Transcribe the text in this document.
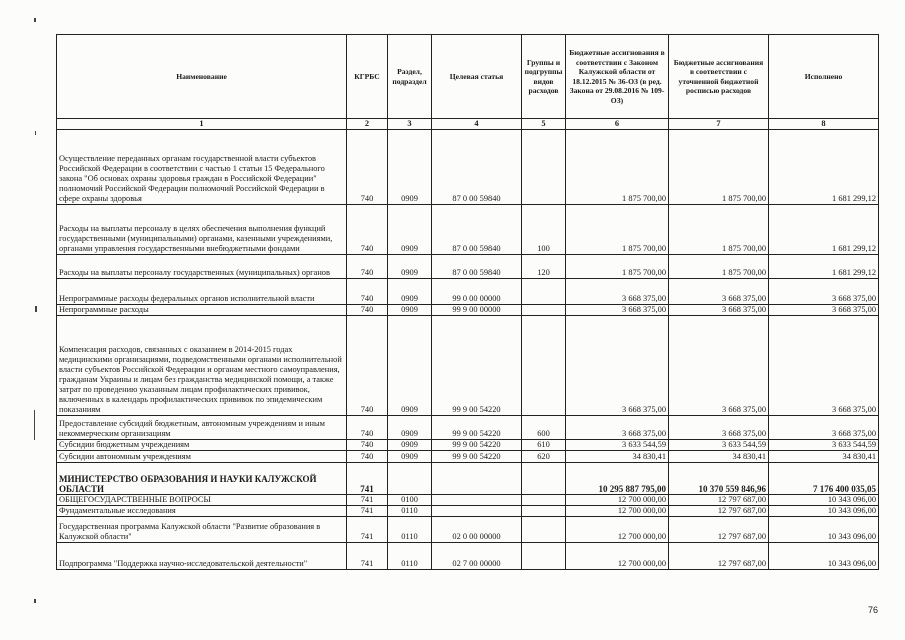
Наименование	КГРБС	Раздел, подраздел	Целевая статья	Группы и подгруппы видов расходов	Бюджетные ассигнования в соответствии с Законом Калужской области от 18.12.2015 № 36-ОЗ (в ред. Закона от 29.08.2016 № 109-ОЗ)	Бюджетные ассигнования в соответствии с уточненной бюджетной росписью расходов	Исполнено
1	2	3	4	5	6	7	8
Осуществление переданных органам государственной власти субъектов Российской Федерации в соответствии с частью 1 статьи 15 Федерального закона "Об основах охраны здоровья граждан в Российской Федерации" полномочий Российской Федерации полномочий Российской Федерации в сфере охраны здоровья	740	0909	87 0 00 59840		1 875 700,00	1 875 700,00	1 681 299,12
Расходы на выплаты персоналу в целях обеспечения выполнения функций государственными (муниципальными) органами, казенными учреждениями, органами управления государственными внебюджетными фондами	740	0909	87 0 00 59840	100	1 875 700,00	1 875 700,00	1 681 299,12
Расходы на выплаты персоналу государственных (муниципальных) органов	740	0909	87 0 00 59840	120	1 875 700,00	1 875 700,00	1 681 299,12
Непрограммные расходы федеральных органов исполнительной власти	740	0909	99 0 00 00000		3 668 375,00	3 668 375,00	3 668 375,00
Непрограммные расходы	740	0909	99 9 00 00000		3 668 375,00	3 668 375,00	3 668 375,00
Компенсация расходов, связанных с оказанием в 2014-2015 годах медицинскими организациями, подведомственными органами исполнительной власти субъектов Российской Федерации и органам местного самоуправления, гражданам Украины и лицам без гражданства медицинской помощи, а также затрат по проведению указанным лицам профилактических прививок, включенных в календарь профилактических прививок по эпидемическим показаниям	740	0909	99 9 00 54220		3 668 375,00	3 668 375,00	3 668 375,00
Предоставление субсидий бюджетным, автономным учреждениям и иным некоммерческим организациям	740	0909	99 9 00 54220	600	3 668 375,00	3 668 375,00	3 668 375,00
Субсидии бюджетным учреждениям	740	0909	99 9 00 54220	610	3 633 544,59	3 633 544,59	3 633 544,59
Субсидии автономным учреждениям	740	0909	99 9 00 54220	620	34 830,41	34 830,41	34 830,41
МИНИСТЕРСТВО ОБРАЗОВАНИЯ И НАУКИ КАЛУЖСКОЙ ОБЛАСТИ	741				10 295 887 795,00	10 370 559 846,96	7 176 400 035,05
ОБЩЕГОСУДАРСТВЕННЫЕ ВОПРОСЫ	741	0100			12 700 000,00	12 797 687,00	10 343 096,00
Фундаментальные исследования	741	0110			12 700 000,00	12 797 687,00	10 343 096,00
Государственная программа Калужской области "Развитие образования в Калужской области"	741	0110	02 0 00 00000		12 700 000,00	12 797 687,00	10 343 096,00
Подпрограмма "Поддержка научно-исследовательской деятельности"	741	0110	02 7 00 00000		12 700 000,00	12 797 687,00	10 343 096,00
76
